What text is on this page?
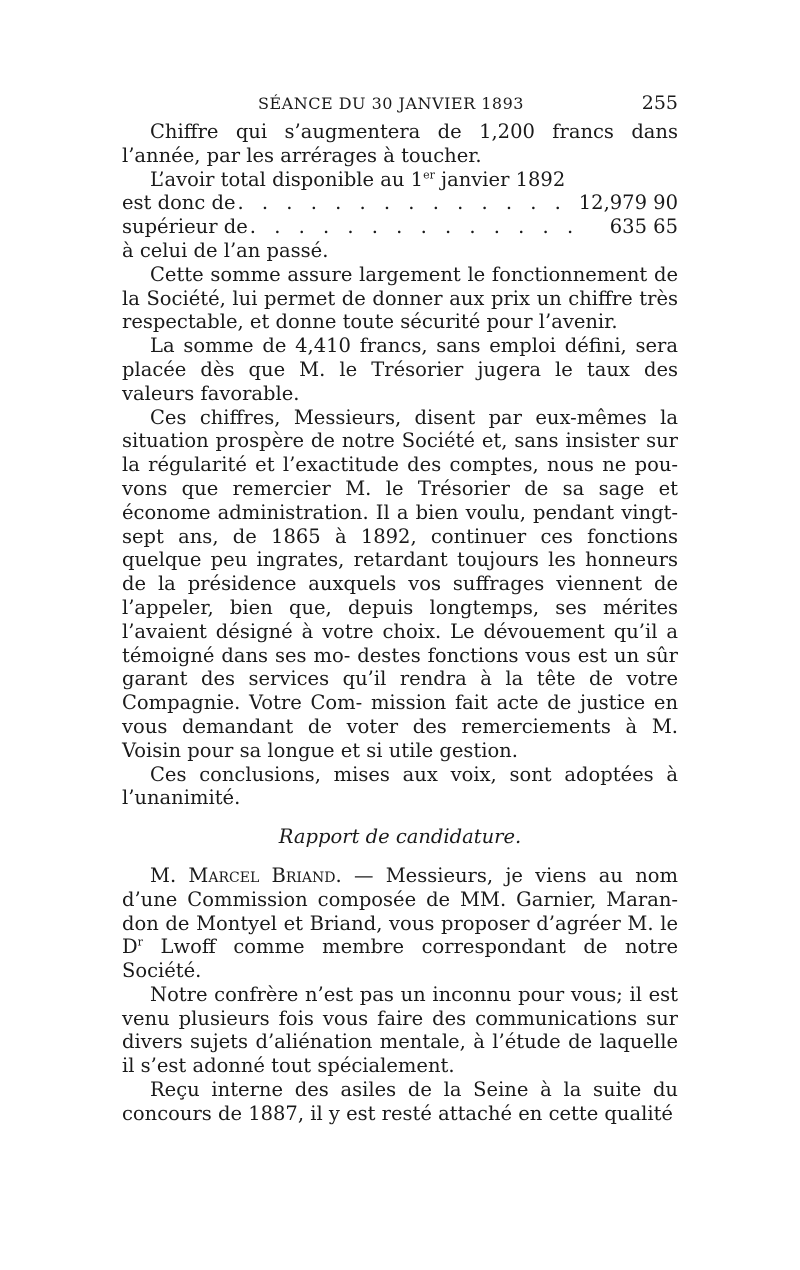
SÉANCE DU 30 JANVIER 1893	255

Chiffre qui s’augmentera de 1,200 francs dans l’année, par les arrérages à toucher.

L’avoir total disponible au 1er janvier 1892

est donc de . . .	12,979 90
supérieur de . . .	635 65

à celui de l’an passé.

Cette somme assure largement le fonctionnement de la Société, lui permet de donner aux prix un chiffre très respectable, et donne toute sécurité pour l’avenir.

La somme de 4,410 francs, sans emploi défini, sera placée dès que M. le Trésorier jugera le taux des valeurs favorable.

Ces chiffres, Messieurs, disent par eux-mêmes la situation prospère de notre Société et, sans insister sur la régularité et l’exactitude des comptes, nous ne pou- vons que remercier M. le Trésorier de sa sage et économe administration. Il a bien voulu, pendant vingt-sept ans, de 1865 à 1892, continuer ces fonctions quelque peu ingrates, retardant toujours les honneurs de la présidence auxquels vos suffrages viennent de l’appeler, bien que, depuis longtemps, ses mérites l’avaient désigné à votre choix. Le dévouement qu’il a témoigné dans ses mo- destes fonctions vous est un sûr garant des services qu’il rendra à la tête de votre Compagnie. Votre Com- mission fait acte de justice en vous demandant de voter des remerciements à M. Voisin pour sa longue et si utile gestion.

Ces conclusions, mises aux voix, sont adoptées à l’unanimité.

Rapport de candidature.

M. Marcel Briand. — Messieurs, je viens au nom d’une Commission composée de MM. Garnier, Maran- don de Montyel et Briand, vous proposer d’agréer M. le $D^r$ Lwoff comme membre correspondant de notre Société.

Notre confrère n’est pas un inconnu pour vous; il est venu plusieurs fois vous faire des communications sur divers sujets d’aliénation mentale, à l’étude de laquelle il s’est adonné tout spécialement.

Reçu interne des asiles de la Seine à la suite du concours de 1887, il y est resté attaché en cette qualité
